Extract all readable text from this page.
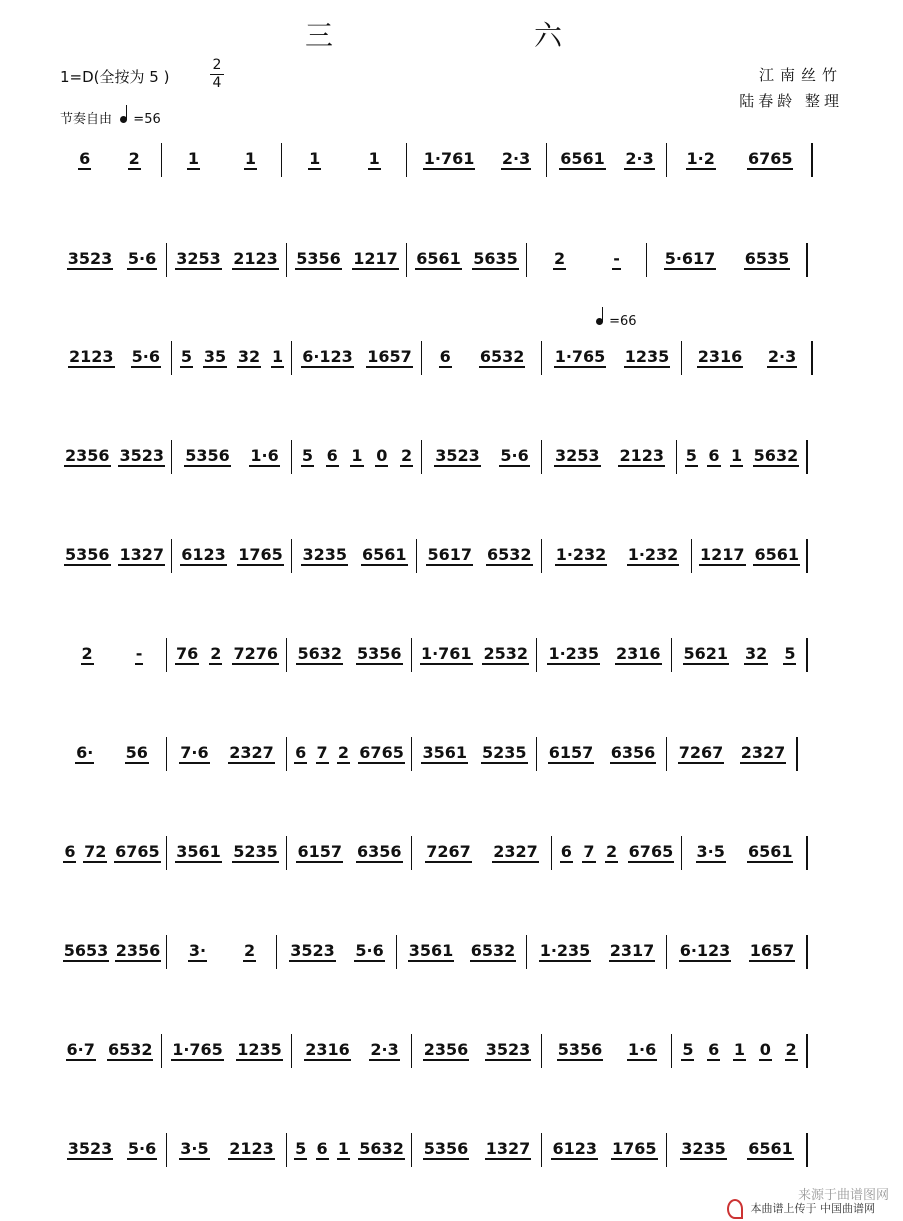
三 六
1=D(全按为 5 )
2
4
节奏自由 =56
江南丝竹
陆春龄 整理
=66
6 2	1	1	1	1	1·761 2·3 6561 2·3 1·2 6765
3523 5·6 3253 2123 5356 1217 6561 5635 2	-	5·617 6535
2123 5·6 5 35 32 1 6·123 1657 6 6532 1·765 1235 2316 2·3
2356 3523 5356 1·6 5 6 1 0 2 3523 5·6 3253 2123 5 6 1 5632
5356 1327 6123 1765 3235 6561 5617 6532 1·232 1·232 1217 6561
2	- 76 2 7276 5632 5356 1·761 2532 1·235 2316 5621 32 5
6· 56 7·6 2327 6 7 2 6765 3561 5235 6157 6356 7267 2327
6 72 6765 3561 5235 6157 6356 7267 2327 6 7 2 6765 3·5 6561
5653 2356 3· 2 3523 5·6 3561 6532 1·235 2317 6·123 1657
6·7 6532 1·765 1235 2316 2·3 2356 3523 5356 1·6 5 6 1 0 2
3523 5·6 3·5 2123 5 6 1 5632 5356 1327 6123 1765 3235 6561
来源于曲谱图网
本曲谱上传于 中国曲谱网
